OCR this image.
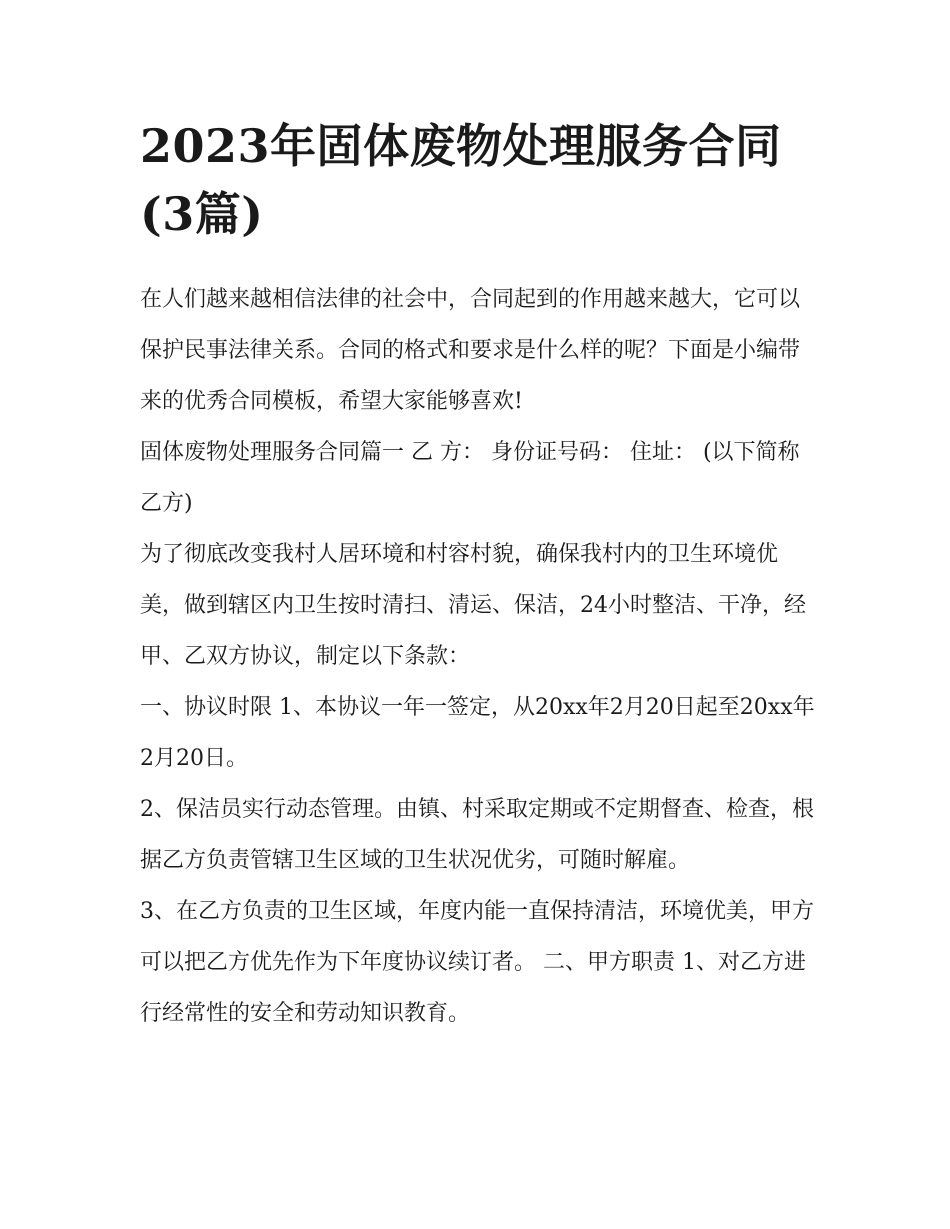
2023年固体废物处理服务合同(3篇)

在人们越来越相信法律的社会中，合同起到的作用越来越大，它可以保护民事法律关系。合同的格式和要求是什么样的呢？下面是小编带来的优秀合同模板，希望大家能够喜欢!

固体废物处理服务合同篇一 乙 方： 身份证号码： 住址： (以下简称乙方)

为了彻底改变我村人居环境和村容村貌，确保我村内的卫生环境优美，做到辖区内卫生按时清扫、清运、保洁，24小时整洁、干净，经甲、乙双方协议，制定以下条款：

一、协议时限 1、本协议一年一签定，从20xx年2月20日起至20xx年2月20日。

2、保洁员实行动态管理。由镇、村采取定期或不定期督查、检查，根据乙方负责管辖卫生区域的卫生状况优劣，可随时解雇。

3、在乙方负责的卫生区域，年度内能一直保持清洁，环境优美，甲方可以把乙方优先作为下年度协议续订者。 二、甲方职责 1、对乙方进行经常性的安全和劳动知识教育。
